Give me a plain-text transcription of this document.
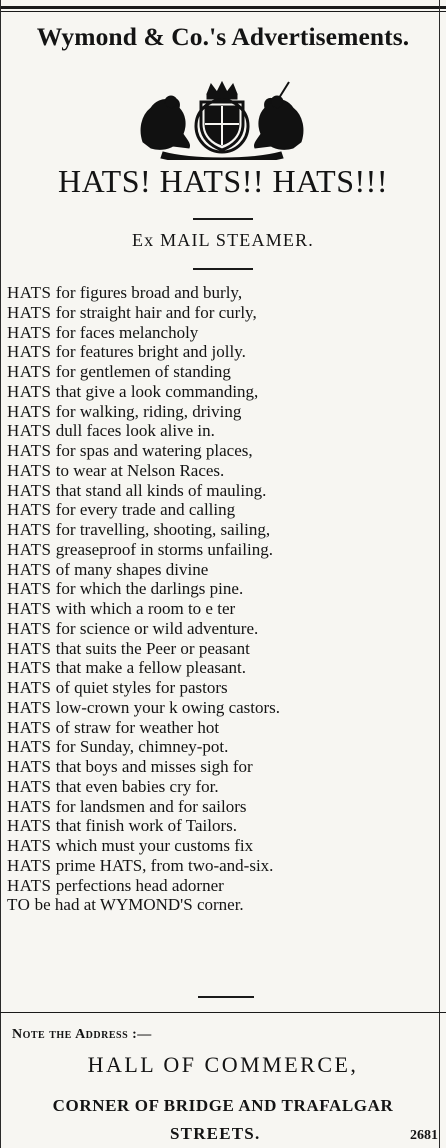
Wymond & Co.'s Advertisements.
HATS! HATS!! HATS!!!
Ex MAIL STEAMER.
HATS for figures broad and burly,
HATS for straight hair and for curly,
HATS for faces melancholy
HATS for features bright and jolly.
HATS for gentlemen of standing
HATS that give a look commanding,
HATS for walking, riding, driving
HATS dull faces look alive in.
HATS for spas and watering places,
HATS to wear at Nelson Races.
HATS that stand all kinds of mauling.
HATS for every trade and calling
HATS for travelling, shooting, sailing,
HATS greaseproof in storms unfailing.
HATS of many shapes divine
HATS for which the darlings pine.
HATS with which a room to e ter
HATS for science or wild adventure.
HATS that suits the Peer or peasant
HATS that make a fellow pleasant.
HATS of quiet styles for pastors
HATS low-crown your k owing castors.
HATS of straw for weather hot
HATS for Sunday, chimney-pot.
HATS that boys and misses sigh for
HATS that even babies cry for.
HATS for landsmen and for sailors
HATS that finish work of Tailors.
HATS which must your customs fix
HATS prime HATS, from two-and-six.
HATS perfections head adorner
TO be had at WYMOND'S corner.
Note the Address :—
HALL OF COMMERCE,
CORNER OF BRIDGE AND TRAFALGAR
STREETS.	2681
